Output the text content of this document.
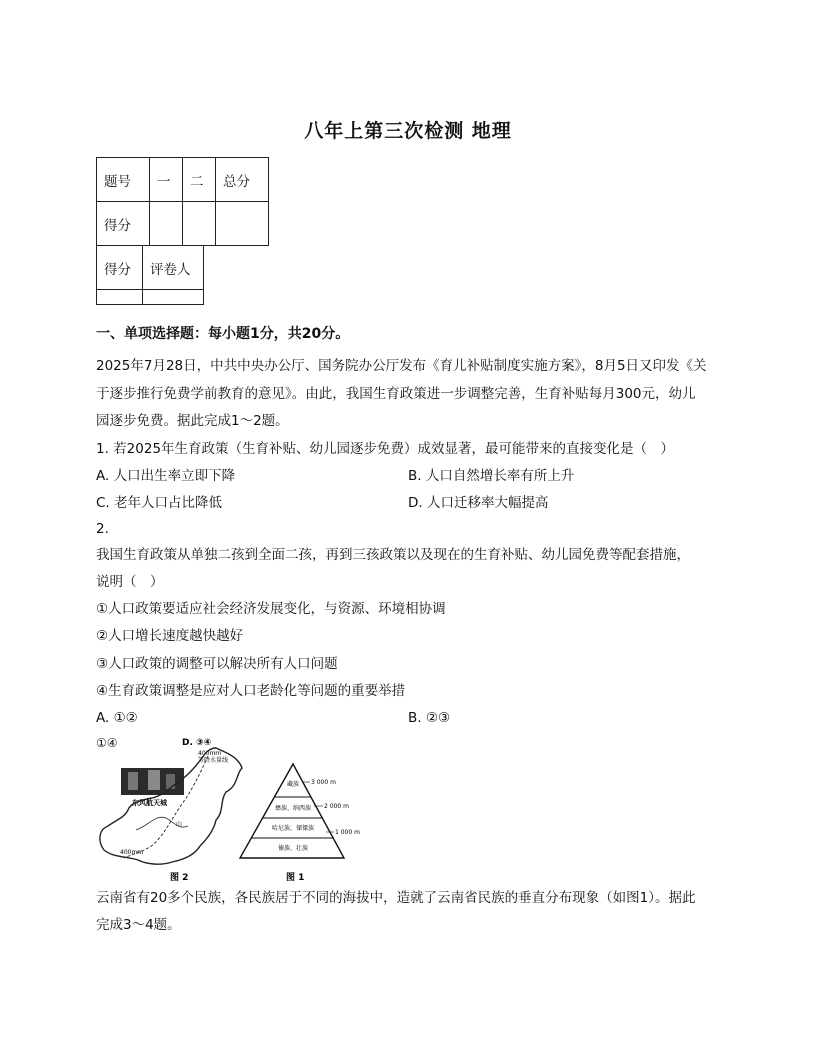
八年上第三次检测 地理
题号	一	二	总分
得分			
得分	评卷人

一、单项选择题：每小题1分，共20分。
2025年7月28日，中共中央办公厅、国务院办公厅发布《育儿补贴制度实施方案》，8月5日又印发《关
于逐步推行免费学前教育的意见》。由此，我国生育政策进一步调整完善，生育补贴每月300元，幼儿
园逐步免费。据此完成1～2题。
1. 若2025年生育政策（生育补贴、幼儿园逐步免费）成效显著，最可能带来的直接变化是（　）
A. 人口出生率立即下降	B. 人口自然增长率有所上升
C. 老年人口占比降低	D. 人口迁移率大幅提高
2.
我国生育政策从单独二孩到全面二孩，再到三孩政策以及现在的生育补贴、幼儿园免费等配套措施，
说明（　）
①人口政策要适应社会经济发展变化，与资源、环境相协调
②人口增长速度越快越好
③人口政策的调整可以解决所有人口问题
④生育政策调整是应对人口老龄化等问题的重要举措
A. ①②	B. ②③
①④	D. ③④
400mm
等降水量线
东风航天城
山
400mm
图 2
藏族
彝族、纳西族
哈尼族、傈僳族
傣族、壮族
3 000 m
2 000 m
1 000 m
图 1
云南省有20多个民族，各民族居于不同的海拔中，造就了云南省民族的垂直分布现象（如图1）。据此
完成3～4题。
